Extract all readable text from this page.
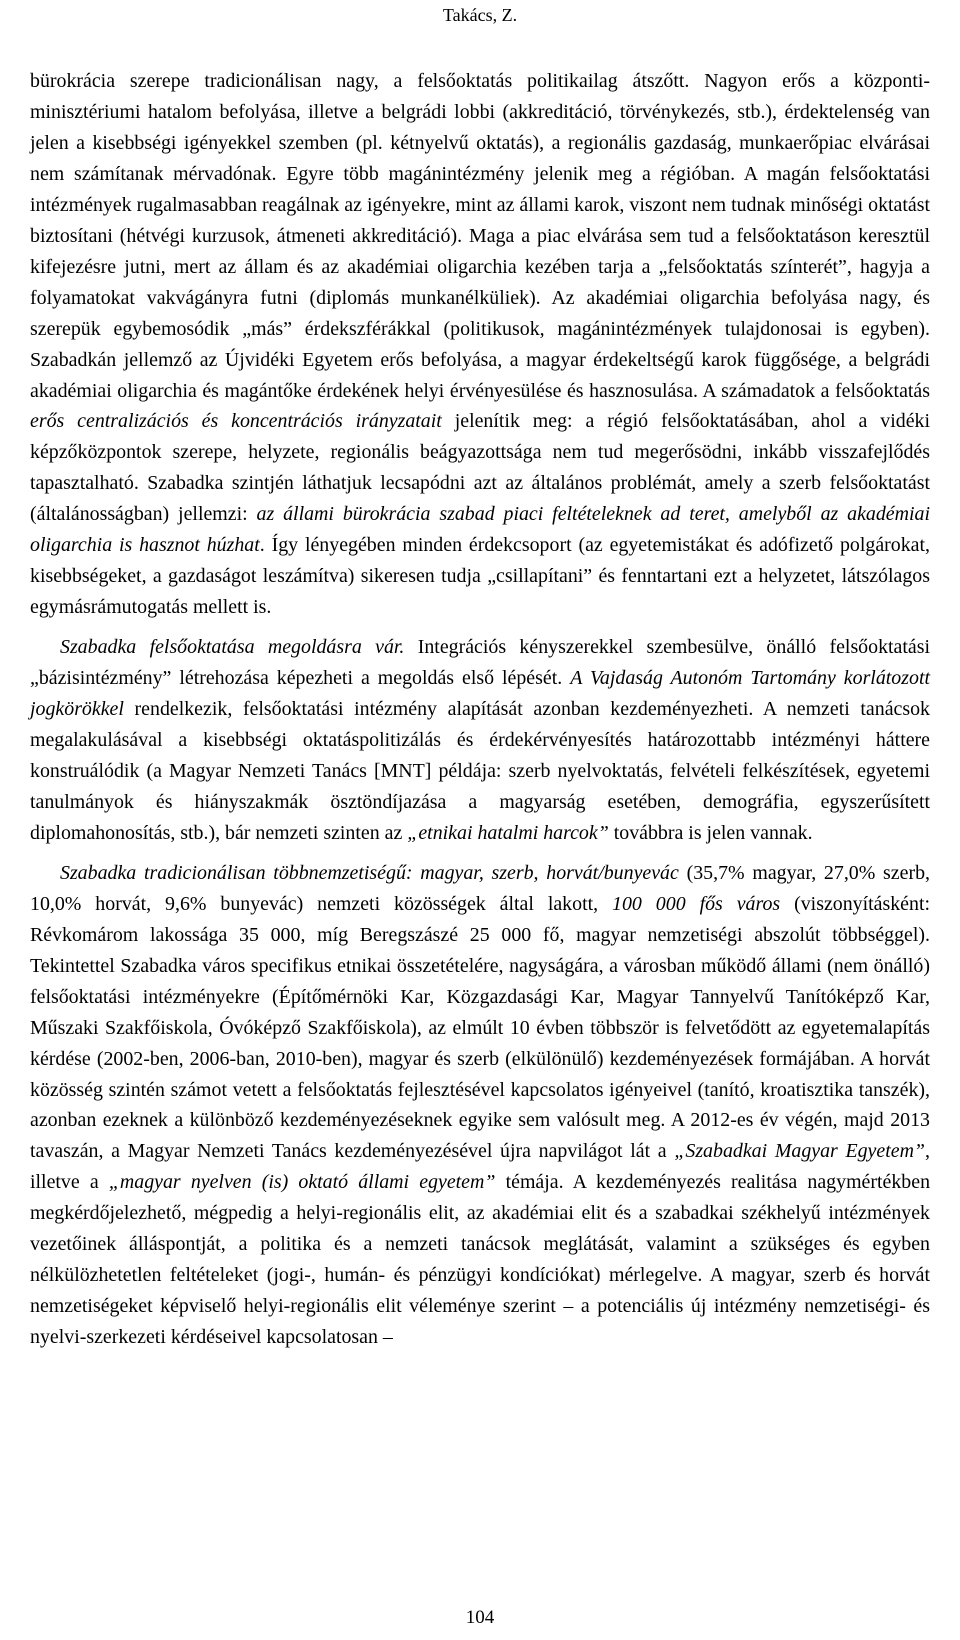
Takács, Z.

bürokrácia szerepe tradicionálisan nagy, a felsőoktatás politikailag átszőtt. Nagyon erős a központi-minisztériumi hatalom befolyása, illetve a belgrádi lobbi (akkreditáció, törvénykezés, stb.), érdektelenség van jelen a kisebbségi igényekkel szemben (pl. kétnyelvű oktatás), a regionális gazdaság, munkaerőpiac elvárásai nem számítanak mérvadónak. Egyre több magánintézmény jelenik meg a régióban. A magán felsőoktatási intézmények rugalmasabban reagálnak az igényekre, mint az állami karok, viszont nem tudnak minőségi oktatást biztosítani (hétvégi kurzusok, átmeneti akkreditáció). Maga a piac elvárása sem tud a felsőoktatáson keresztül kifejezésre jutni, mert az állam és az akadémiai oligarchia kezében tarja a „felsőoktatás színterét”, hagyja a folyamatokat vakvágányra futni (diplomás munkanélküliek). Az akadémiai oligarchia befolyása nagy, és szerepük egybemosódik „más” érdekszférákkal (politikusok, magánintézmények tulajdonosai is egyben). Szabadkán jellemző az Újvidéki Egyetem erős befolyása, a magyar érdekeltségű karok függősége, a belgrádi akadémiai oligarchia és magántőke érdekének helyi érvényesülése és hasznosulása. A számadatok a felsőoktatás erős centralizációs és koncentrációs irányzatait jelenítik meg: a régió felsőoktatásában, ahol a vidéki képzőközpontok szerepe, helyzete, regionális beágyazottsága nem tud megerősödni, inkább visszafejlődés tapasztalható. Szabadka szintjén láthatjuk lecsapódni azt az általános problémát, amely a szerb felsőoktatást (általánosságban) jellemzi: az állami bürokrácia szabad piaci feltételeknek ad teret, amelyből az akadémiai oligarchia is hasznot húzhat. Így lényegében minden érdekcsoport (az egyetemistákat és adófizető polgárokat, kisebbségeket, a gazdaságot leszámítva) sikeresen tudja „csillapítani” és fenntartani ezt a helyzetet, látszólagos egymásrámutogatás mellett is.

Szabadka felsőoktatása megoldásra vár. Integrációs kényszerekkel szembesülve, önálló felsőoktatási „bázisintézmény” létrehozása képezheti a megoldás első lépését. A Vajdaság Autonóm Tartomány korlátozott jogkörökkel rendelkezik, felsőoktatási intézmény alapítását azonban kezdeményezheti. A nemzeti tanácsok megalakulásával a kisebbségi oktatáspolitizálás és érdekérvényesítés határozottabb intézményi háttere konstruálódik (a Magyar Nemzeti Tanács [MNT] példája: szerb nyelvoktatás, felvételi felkészítések, egyetemi tanulmányok és hiányszakmák ösztöndíjazása a magyarság esetében, demográfia, egyszerűsített diplomahonosítás, stb.), bár nemzeti szinten az „etnikai hatalmi harcok” továbbra is jelen vannak.

Szabadka tradicionálisan többnemzetiségű: magyar, szerb, horvát/bunyevác (35,7% magyar, 27,0% szerb, 10,0% horvát, 9,6% bunyevác) nemzeti közösségek által lakott, 100 000 fős város (viszonyításként: Révkomárom lakossága 35 000, míg Beregszászé 25 000 fő, magyar nemzetiségi abszolút többséggel). Tekintettel Szabadka város specifikus etnikai összetételére, nagyságára, a városban működő állami (nem önálló) felsőoktatási intézményekre (Építőmérnöki Kar, Közgazdasági Kar, Magyar Tannyelvű Tanítóképző Kar, Műszaki Szakfőiskola, Óvóképző Szakfőiskola), az elmúlt 10 évben többször is felvetődött az egyetemalapítás kérdése (2002-ben, 2006-ban, 2010-ben), magyar és szerb (elkülönülő) kezdeményezések formájában. A horvát közösség szintén számot vetett a felsőoktatás fejlesztésével kapcsolatos igényeivel (tanító, kroatisztika tanszék), azonban ezeknek a különböző kezdeményezéseknek egyike sem valósult meg. A 2012-es év végén, majd 2013 tavaszán, a Magyar Nemzeti Tanács kezdeményezésével újra napvilágot lát a „Szabadkai Magyar Egyetem”, illetve a „magyar nyelven (is) oktató állami egyetem” témája. A kezdeményezés realitása nagymértékben megkérdőjelezhető, mégpedig a helyi-regionális elit, az akadémiai elit és a szabadkai székhelyű intézmények vezetőinek álláspontját, a politika és a nemzeti tanácsok meglátását, valamint a szükséges és egyben nélkülözhetetlen feltételeket (jogi-, humán- és pénzügyi kondíciókat) mérlegelve. A magyar, szerb és horvát nemzetiségeket képviselő helyi-regionális elit véleménye szerint – a potenciális új intézmény nemzetiségi- és nyelvi-szerkezeti kérdéseivel kapcsolatosan –

104
